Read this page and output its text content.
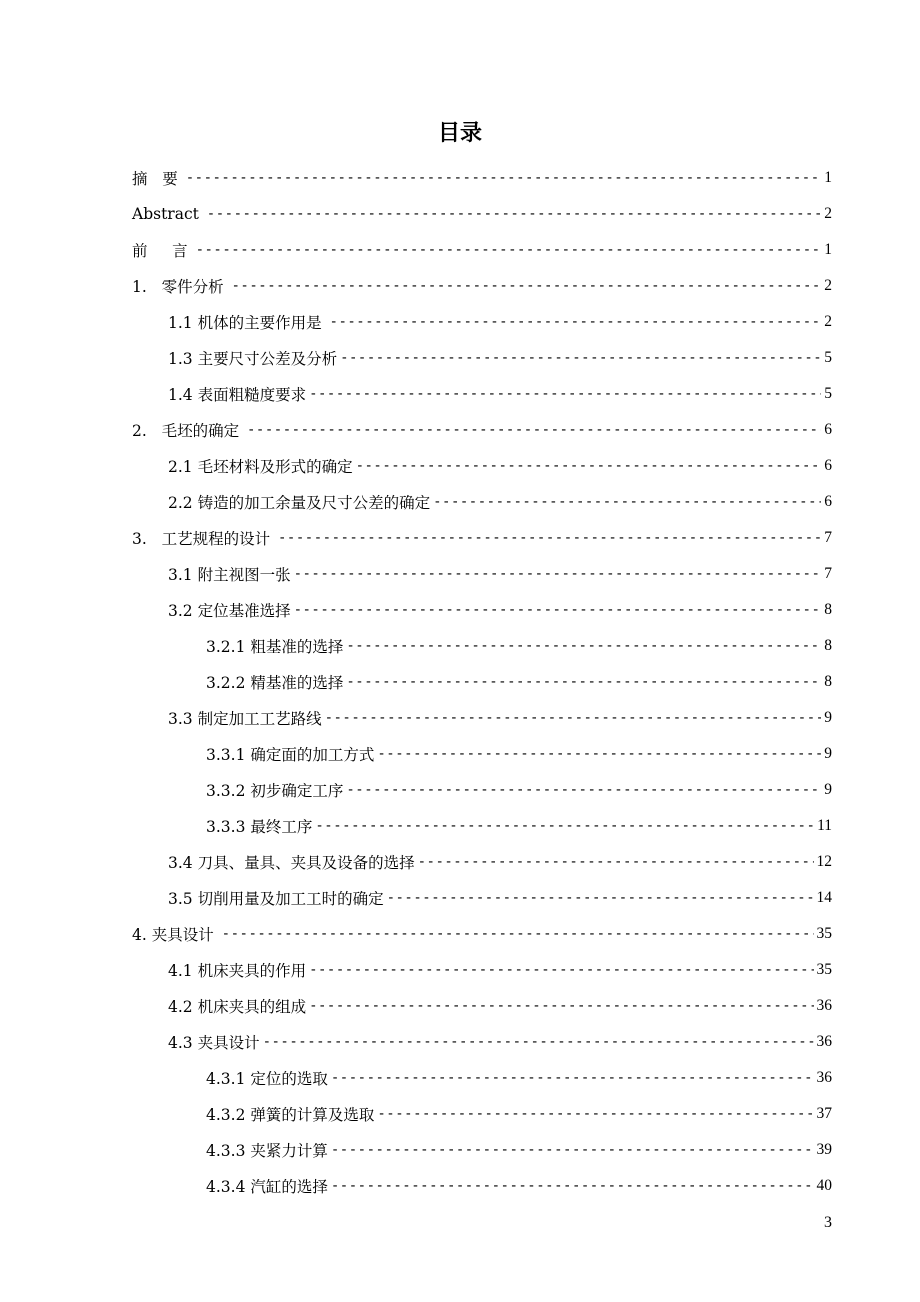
目录
摘   要 -----	1
Abstract -----	2
前     言 -----	1
1.   零件分析 -----	2
1.1 机体的主要作用是 -----	2
1.3 主要尺寸公差及分析 -----	5
1.4 表面粗糙度要求 -----	5
2.   毛坯的确定 -----	6
2.1 毛坯材料及形式的确定 -----	6
2.2 铸造的加工余量及尺寸公差的确定 -----	6
3.   工艺规程的设计 -----	7
3.1 附主视图一张 -----	7
3.2 定位基准选择 -----	8
3.2.1 粗基准的选择 -----	8
3.2.2 精基准的选择 -----	8
3.3 制定加工工艺路线 -----	9
3.3.1 确定面的加工方式 -----	9
3.3.2 初步确定工序 -----	9
3.3.3 最终工序 -----	11
3.4 刀具、量具、夹具及设备的选择 -----	12
3.5 切削用量及加工工时的确定 -----	14
4. 夹具设计 -----	35
4.1 机床夹具的作用 -----	35
4.2 机床夹具的组成 -----	36
4.3 夹具设计 -----	36
4.3.1 定位的选取 -----	36
4.3.2 弹簧的计算及选取 -----	37
4.3.3 夹紧力计算 -----	39
4.3.4 汽缸的选择 -----	40
3
